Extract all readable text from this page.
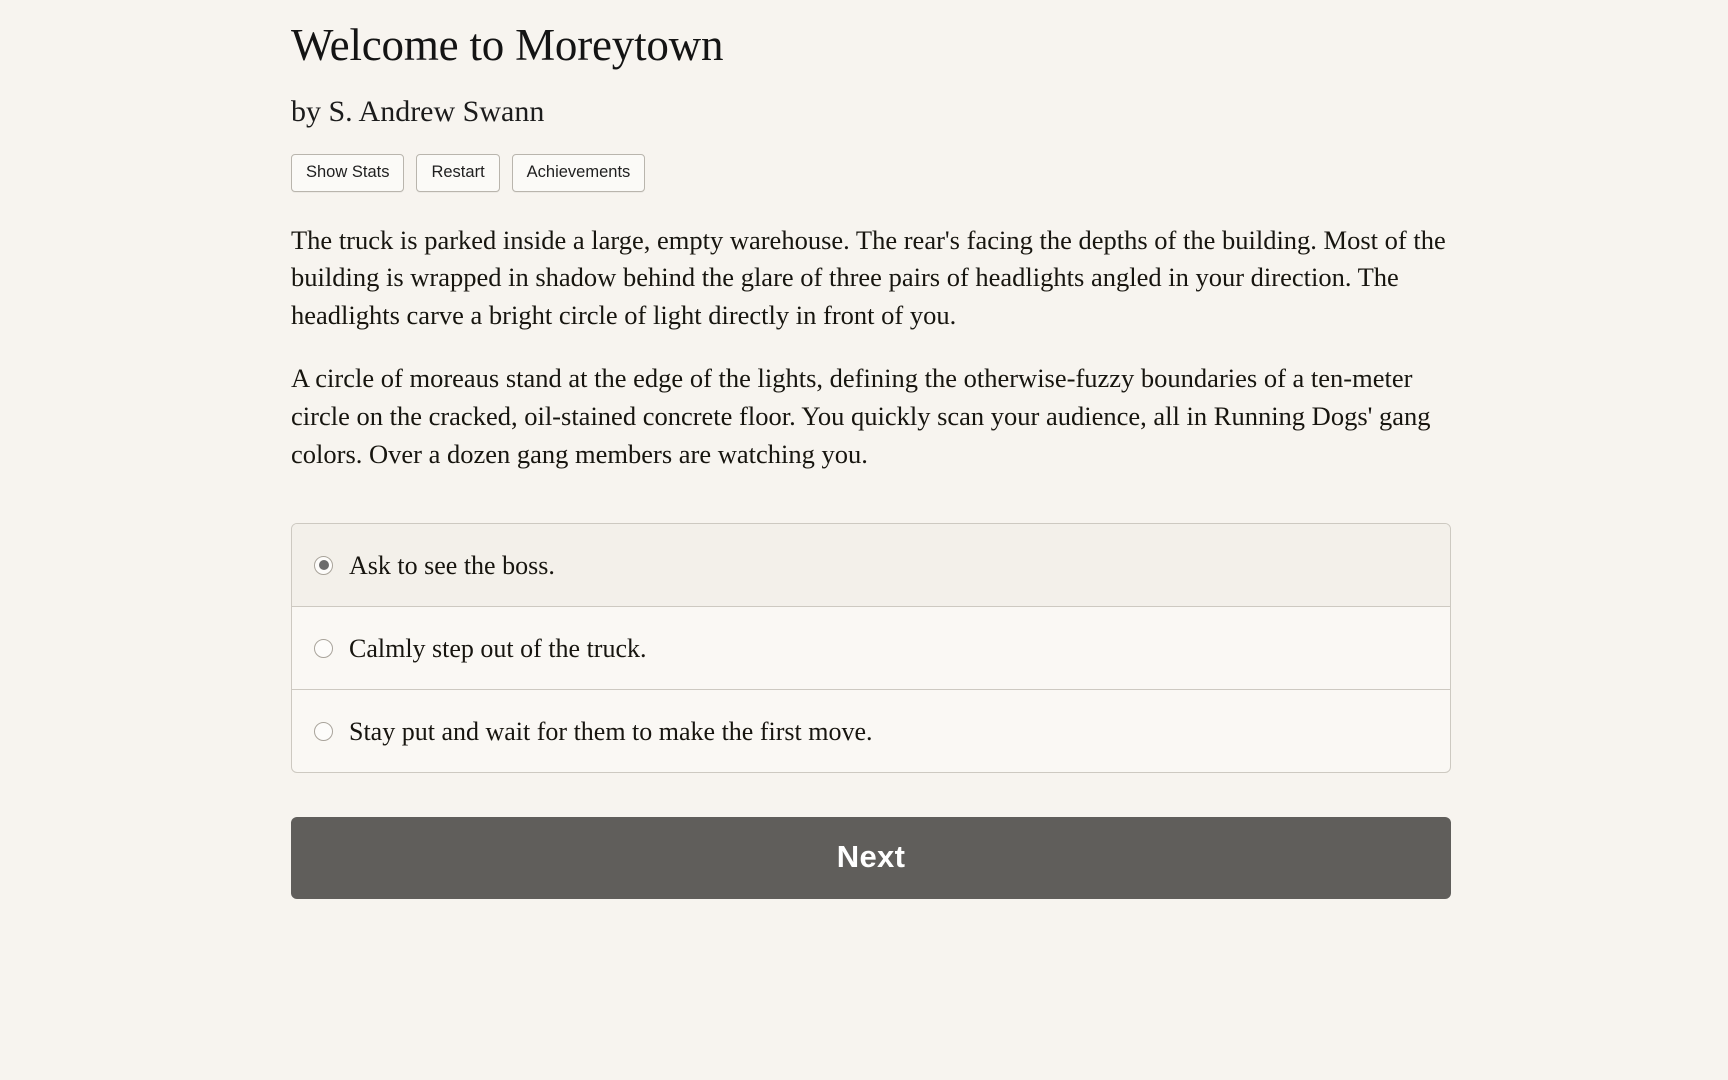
Welcome to Moreytown
by S. Andrew Swann
Show Stats	Restart	Achievements

The truck is parked inside a large, empty warehouse. The rear's facing the depths of the building. Most of the building is wrapped in shadow behind the glare of three pairs of headlights angled in your direction. The headlights carve a bright circle of light directly in front of you.

A circle of moreaus stand at the edge of the lights, defining the otherwise-fuzzy boundaries of a ten-meter circle on the cracked, oil-stained concrete floor. You quickly scan your audience, all in Running Dogs' gang colors. Over a dozen gang members are watching you.

Ask to see the boss.
Calmly step out of the truck.
Stay put and wait for them to make the first move.
Next
